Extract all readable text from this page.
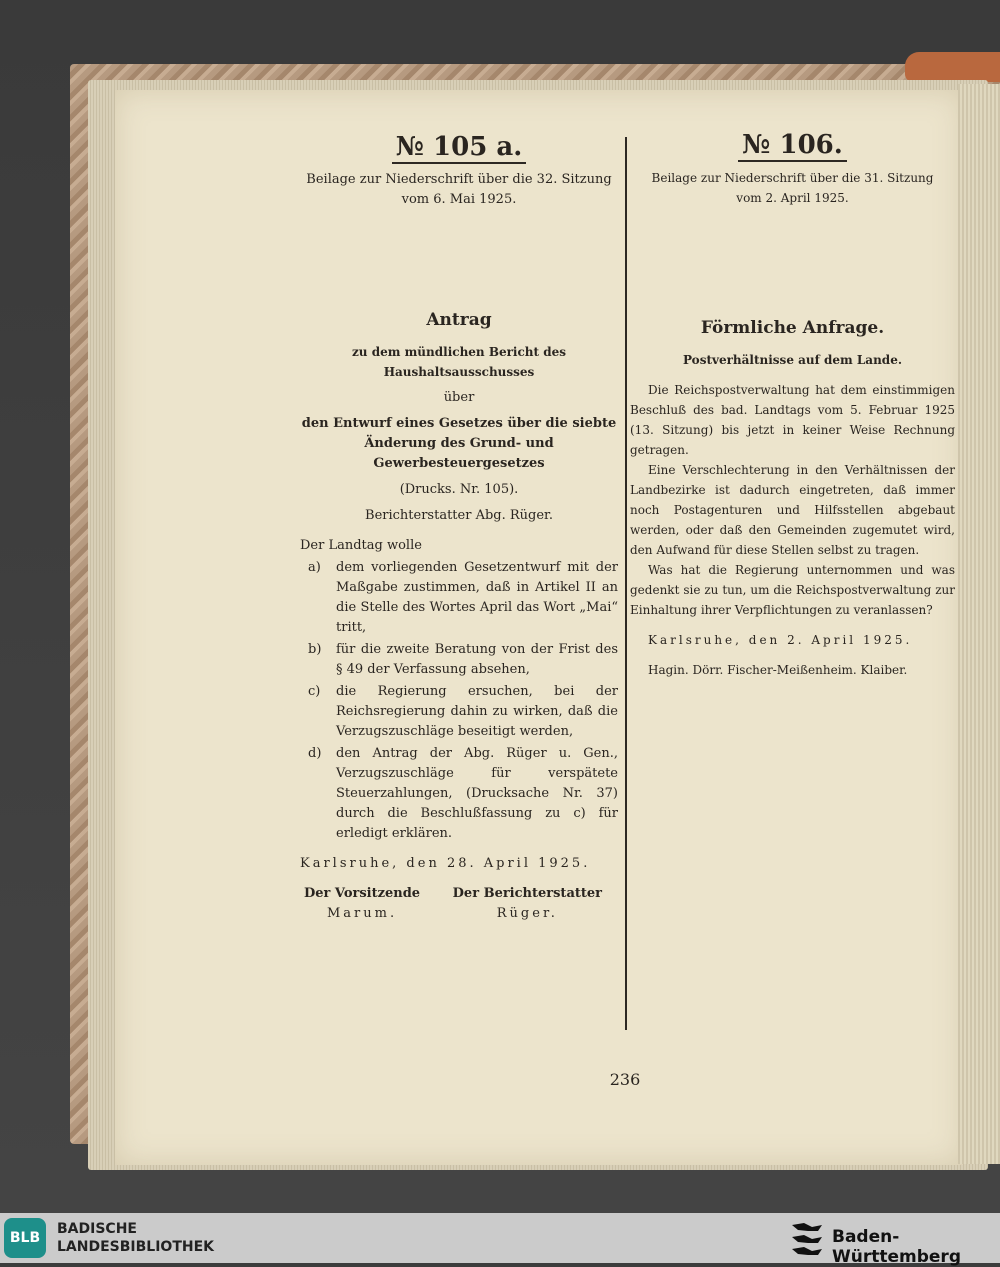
№ 105 a.

Beilage zur Niederschrift über die 32. Sitzung

vom 6. Mai 1925.

Antrag

zu dem mündlichen Bericht des Haushaltsausschusses

über

den Entwurf eines Gesetzes über die siebte Änderung des Grund- und Gewerbesteuergesetzes

(Drucks. Nr. 105).

Berichterstatter Abg. Rüger.

Der Landtag wolle

a)	dem vorliegenden Gesetzentwurf mit der Maßgabe zustimmen, daß in Artikel II an die Stelle des Wortes April das Wort „Mai“ tritt,
b)	für die zweite Beratung von der Frist des § 49 der Verfassung absehen,
c)	die Regierung ersuchen, bei der Reichsregierung dahin zu wirken, daß die Verzugszuschläge beseitigt werden,
d)	den Antrag der Abg. Rüger u. Gen., Verzugszuschläge für verspätete Steuerzahlungen, (Drucksache Nr. 37) durch die Beschlußfassung zu c) für erledigt erklären.

Karlsruhe, den 28. April 1925.

Der Vorsitzende

Marum.

Der Berichterstatter

Rüger.

№ 106.

Beilage zur Niederschrift über die 31. Sitzung

vom 2. April 1925.

Förmliche Anfrage.

Postverhältnisse auf dem Lande.

Die Reichspostverwaltung hat dem einstimmigen Beschluß des bad. Landtags vom 5. Februar 1925 (13. Sitzung) bis jetzt in keiner Weise Rechnung getragen.

Eine Verschlechterung in den Verhältnissen der Landbezirke ist dadurch eingetreten, daß immer noch Postagenturen und Hilfsstellen abgebaut werden, oder daß den Gemeinden zugemutet wird, den Aufwand für diese Stellen selbst zu tragen.

Was hat die Regierung unternommen und was gedenkt sie zu tun, um die Reichspostverwaltung zur Einhaltung ihrer Verpflichtungen zu veranlassen?

Karlsruhe, den 2. April 1925.

Hagin. Dörr. Fischer-Meißenheim. Klaiber.

236
BLB
BADISCHE
LANDESBIBLIOTHEK	Baden-Württemberg
